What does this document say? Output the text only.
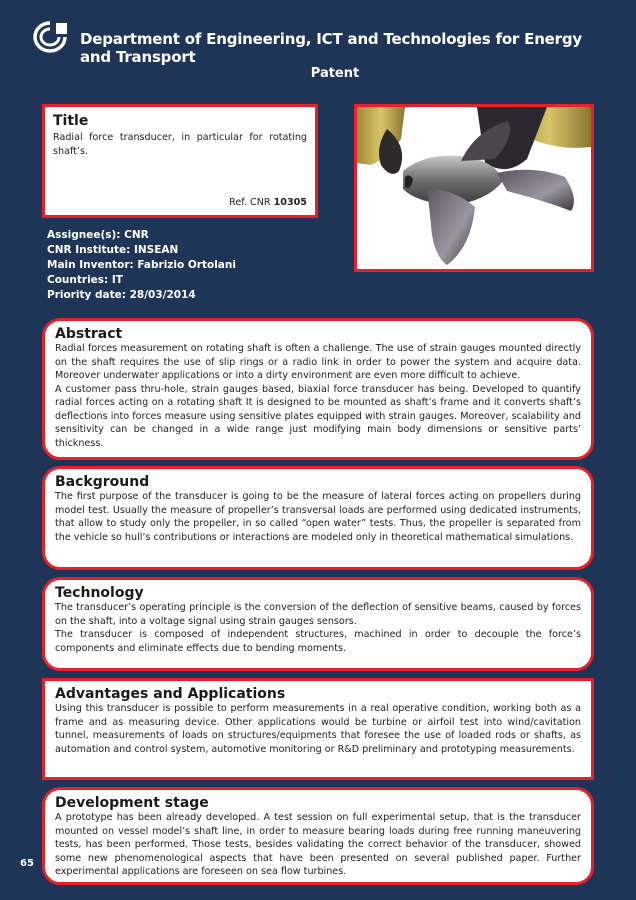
Department of Engineering, ICT and Technologies for Energy and Transport
Patent
Title

Radial force transducer, in particular for rotating shaft’s.

Ref. CNR 10305
Assignee(s): CNR
CNR Institute: INSEAN
Main Inventor: Fabrizio Ortolani
Countries: IT
Priority date: 28/03/2014
Abstract

Radial forces measurement on rotating shaft is often a challenge. The use of strain gauges mounted directly on the shaft requires the use of slip rings or a radio link in order to power the system and acquire data. Moreover underwater applications or into a dirty environment are even more difficult to achieve.

A customer pass thru-hole, strain gauges based, biaxial force transducer has being. Developed to quantify radial forces acting on a rotating shaft It is designed to be mounted as shaft’s frame and it converts shaft’s deflections into forces measure using sensitive plates equipped with strain gauges. Moreover, scalability and sensitivity can be changed in a wide range just modifying main body dimensions or sensitive parts’ thickness.

Background

The first purpose of the transducer is going to be the measure of lateral forces acting on propellers during model test. Usually the measure of propeller’s transversal loads are performed using dedicated instruments, that allow to study only the propeller, in so called “open water” tests. Thus, the propeller is separated from the vehicle so hull’s contributions or interactions are modeled only in theoretical mathematical simulations.

Technology

The transducer’s operating principle is the conversion of the deflection of sensitive beams, caused by forces on the shaft, into a voltage signal using strain gauges sensors.

The transducer is composed of independent structures, machined in order to decouple the force’s components and eliminate effects due to bending moments.

Advantages and Applications

Using this transducer is possible to perform measurements in a real operative condition, working both as a frame and as measuring device. Other applications would be turbine or airfoil test into wind/cavitation tunnel, measurements of loads on structures/equipments that foresee the use of loaded rods or shafts, as automation and control system, automotive monitoring or R&D preliminary and prototyping measurements.

Development stage

A prototype has been already developed. A test session on full experimental setup, that is the transducer mounted on vessel model’s shaft line, in order to measure bearing loads during free running maneuvering tests, has been performed. Those tests, besides validating the correct behavior of the transducer, showed some new phenomenological aspects that have been presented on several published paper. Further experimental applications are foreseen on sea flow turbines.

65
